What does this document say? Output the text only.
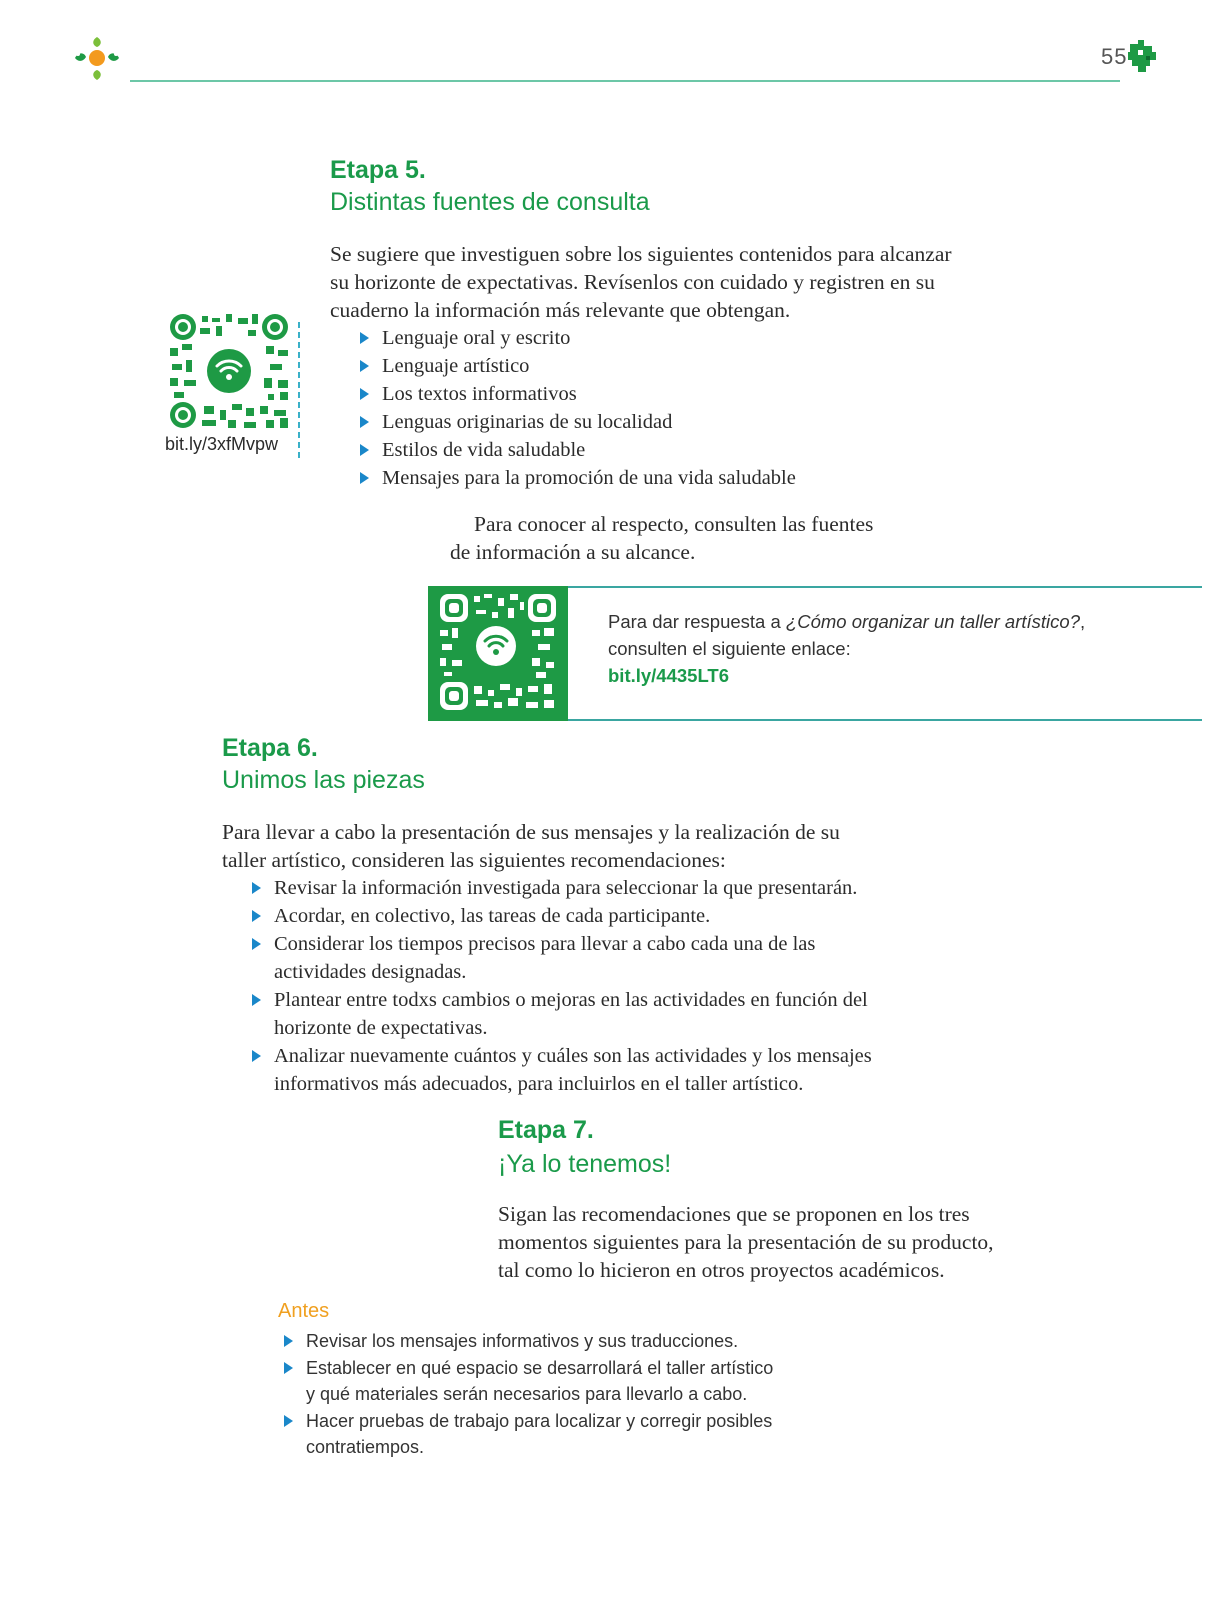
55
Etapa 5.
Distintas fuentes de consulta

Se sugiere que investiguen sobre los siguientes contenidos para alcanzar

su horizonte de expectativas. Revísenlos con cuidado y registren en su

cuaderno la información más relevante que obtengan.

Lenguaje oral y escrito
Lenguaje artístico
Los textos informativos
Lenguas originarias de su localidad
Estilos de vida saludable
Mensajes para la promoción de una vida saludable
bit.ly/3xfMvpw

Para conocer al respecto, consulten las fuentes

de información a su alcance.

Para dar respuesta a ¿Cómo organizar un taller artístico?, consulten el siguiente enlace:
bit.ly/4435LT6
Etapa 6.
Unimos las piezas

Para llevar a cabo la presentación de sus mensajes y la realización de su

taller artístico, consideren las siguientes recomendaciones:

Revisar la información investigada para seleccionar la que presentarán.
Acordar, en colectivo, las tareas de cada participante.
Considerar los tiempos precisos para llevar a cabo cada una de las
actividades designadas.
Plantear entre todxs cambios o mejoras en las actividades en función del
horizonte de expectativas.
Analizar nuevamente cuántos y cuáles son las actividades y los mensajes
informativos más adecuados, para incluirlos en el taller artístico.
Etapa 7.
¡Ya lo tenemos!

Sigan las recomendaciones que se proponen en los tres

momentos siguientes para la presentación de su producto,

tal como lo hicieron en otros proyectos académicos.

Antes
Revisar los mensajes informativos y sus traducciones.
Establecer en qué espacio se desarrollará el taller artístico
y qué materiales serán necesarios para llevarlo a cabo.
Hacer pruebas de trabajo para localizar y corregir posibles
contratiempos.
